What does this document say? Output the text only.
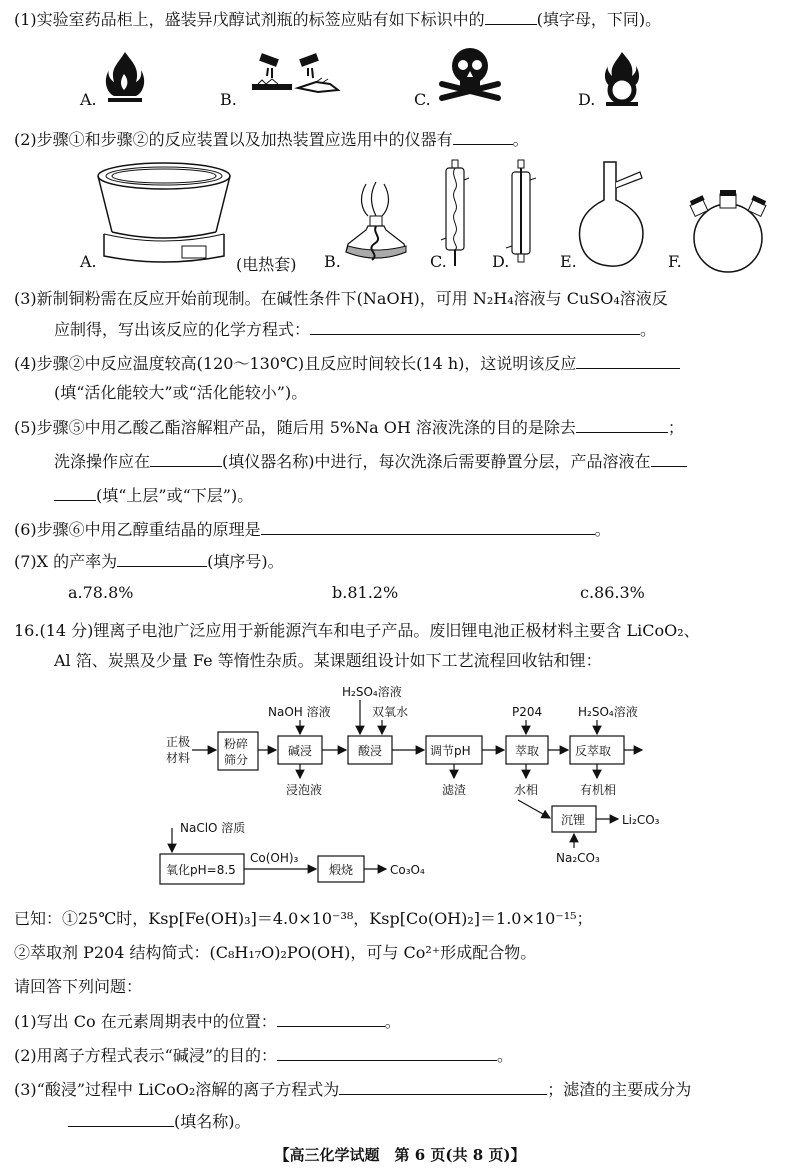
(1)实验室药品柜上，盛装异戊醇试剂瓶的标签应贴有如下标识中的	(填字母，下同)。
A.	B.	C.	D.
(2)步骤①和步骤②的反应装置以及加热装置应选用中的仪器有	。
A.	(电热套) B.	C.	D.	E.	F.
(3)新制铜粉需在反应开始前现制。在碱性条件下(NaOH)，可用 N₂H₄溶液与 CuSO₄溶液反
应制得，写出该反应的化学方程式：	。
(4)步骤②中反应温度较高(120～130℃)且反应时间较长(14 h)，这说明该反应
(填“活化能较大”或“活化能较小”)。
(5)步骤⑤中用乙酸乙酯溶解粗产品，随后用 5%Na OH 溶液洗涤的目的是除去	；
洗涤操作应在	(填仪器名称)中进行，每次洗涤后需要静置分层，产品溶液在
(填“上层”或“下层”)。
(6)步骤⑥中用乙醇重结晶的原理是	。
(7)X 的产率为	(填序号)。
a.78.8%	b.81.2%	c.86.3%
16.(14 分)锂离子电池广泛应用于新能源汽车和电子产品。废旧锂电池正极材料主要含 LiCoO₂、
Al 箔、炭黑及少量 Fe 等惰性杂质。某课题组设计如下工艺流程回收钴和锂：
正极
材料
粉碎
筛分
碱浸
NaOH 溶液
浸泡液
酸浸
H₂SO₄溶液
双氧水
调节pH
滤渣
萃取
P204
水相
反萃取
H₂SO₄溶液
有机相
沉锂	Li₂CO₃
Na₂CO₃
NaClO 溶质
氧化pH=8.5
Co(OH)₃
煅烧	Co₃O₄
已知：①25℃时，Ksp[Fe(OH)₃]＝4.0×10⁻³⁸，Ksp[Co(OH)₂]＝1.0×10⁻¹⁵；
②萃取剂 P204 结构简式：(C₈H₁₇O)₂PO(OH)，可与 Co²⁺形成配合物。
请回答下列问题：
(1)写出 Co 在元素周期表中的位置：	。
(2)用离子方程式表示“碱浸”的目的：	。
(3)“酸浸”过程中 LiCoO₂溶解的离子方程式为	；滤渣的主要成分为
(填名称)。
【高三化学试题　第 6 页(共 8 页)】
